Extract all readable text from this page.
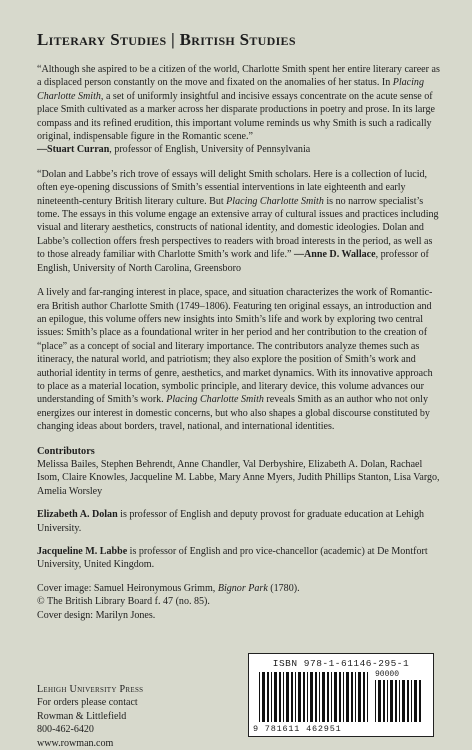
Literary Studies | British Studies

“Although she aspired to be a citizen of the world, Charlotte Smith spent her entire literary career as a displaced person constantly on the move and fixated on the anomalies of her status. In Placing Charlotte Smith, a set of uniformly insightful and incisive essays concentrate on the acute sense of place Smith cultivated as a marker across her disparate productions in poetry and prose. In its large compass and its refined erudition, this important volume reminds us why Smith is such a radically original, indispensable figure in the Romantic scene.”
—Stuart Curran, professor of English, University of Pennsylvania

“Dolan and Labbe’s rich trove of essays will delight Smith scholars. Here is a collection of lucid, often eye-opening discussions of Smith’s essential interventions in late eighteenth and early nineteenth-century British literary culture. But Placing Charlotte Smith is no narrow specialist’s tome. The essays in this volume engage an extensive array of cultural issues and practices including visual and literary aesthetics, constructs of national identity, and domestic ideologies. Dolan and Labbe’s collection offers fresh perspectives to readers with broad interests in the period, as well as to those already familiar with Charlotte Smith’s work and life.” —Anne D. Wallace, professor of English, University of North Carolina, Greensboro

A lively and far-ranging interest in place, space, and situation characterizes the work of Romantic-era British author Charlotte Smith (1749–1806). Featuring ten original essays, an introduction and an epilogue, this volume offers new insights into Smith’s life and work by exploring two central issues: Smith’s place as a foundational writer in her period and her contribution to the creation of “place” as a concept of social and literary importance. The contributors analyze themes such as itineracy, the natural world, and patriotism; they also explore the position of Smith’s work and authorial identity in terms of genre, aesthetics, and market dynamics. With its innovative approach to place as a material location, symbolic principle, and literary device, this volume advances our understanding of Smith’s work. Placing Charlotte Smith reveals Smith as an author who not only energizes our interest in domestic concerns, but who also shapes a global discourse constituted by changing ideas about borders, travel, national, and international identities.

Contributors
Melissa Bailes, Stephen Behrendt, Anne Chandler, Val Derbyshire, Elizabeth A. Dolan, Rachael Isom, Claire Knowles, Jacqueline M. Labbe, Mary Anne Myers, Judith Phillips Stanton, Lisa Vargo, Amelia Worsley
Elizabeth A. Dolan is professor of English and deputy provost for graduate education at Lehigh University.
Jacqueline M. Labbe is professor of English and pro vice-chancellor (academic) at De Montfort University, United Kingdom.
Cover image: Samuel Heironymous Grimm, Bignor Park (1780).
© The British Library Board f. 47 (no. 85).
Cover design: Marilyn Jones.
Lehigh University Press
For orders please contact
Rowman & Littlefield
800-462-6420
www.rowman.com
ISBN 978-1-61146-295-1
90000
9 781611 462951
